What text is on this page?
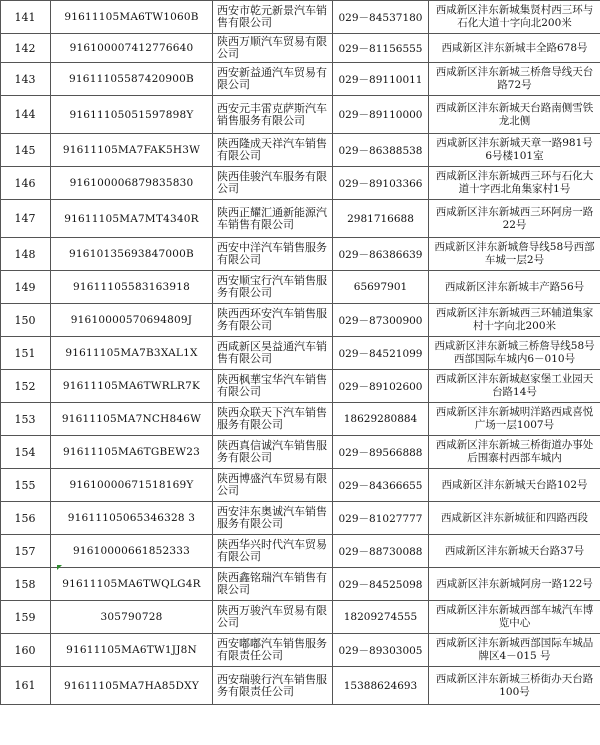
141	91611105MA6TW1060B	西安市乾元新景汽车销售有限公司	029－84537180	西咸新区沣东新城集贤村西三环与石化大道十字向北200米
142	916100007412776640	陕西万顺汽车贸易有限公司	029－81156555	西咸新区沣东新城丰全路678号
143	91611105587420900B	西安新益通汽车贸易有限公司	029－89110011	西咸新区沣东新城三桥詹导线天台路72号
144	91611105051597898Y	西安元丰雷克萨斯汽车销售服务有限公司	029－89110000	西咸新区沣东新城天台路南侧雪铁龙北侧
145	91611105MA7FAK5H3W	陕西隆成天祥汽车销售有限公司	029－86388538	西咸新区沣东新城天章一路981号6号楼101室
146	916100006879835830	陕西佳骏汽车服务有限公司	029－89103366	西咸新区沣东新城西三环与石化大道十字西北角集家村1号
147	91611105MA7MT4340R	陕西正耀汇通新能源汽车销售有限公司	2981716688	西咸新区沣东新城西三环阿房一路22号
148	91610135693847000B	西安中洋汽车销售服务有限公司	029－86386639	西咸新区沣东新城詹导线58号西部车城一层2号
149	91611105583163918	西安顺宝行汽车销售服务有限公司	65697901	西咸新区沣东新城丰产路56号
150	91610000570694809J	陕西西环安汽车销售服务有限公司	029－87300900	西咸新区沣东新城西三环辅道集家村十字向北200米
151	91611105MA7B3XAL1X	西咸新区昊益通汽车销售有限公司	029－84521099	西咸新区沣东新城三桥詹导线58号西部国际车城内6－010号
152	91611105MA6TWRLR7K	陕西枫華宝华汽车销售有限公司	029－89102600	西咸新区沣东新城赵家堡工业园天台路14号
153	91611105MA7NCH846W	陕西众联天下汽车销售服务有限公司	18629280884	西咸新区沣东新城明洋路西咸喜悦广场一层1007号
154	91611105MA6TGBEW23	陕西真信诚汽车销售服务有限公司	029－89566888	西咸新区沣东新城三桥街道办事处后围寨村西部车城内
155	91610000671518169Y	陕西博盛汽车贸易有限公司	029－84366655	西咸新区沣东新城天台路102号
156	91611105065346328 3	西安沣东奥诚汽车销售服务有限公司	029－81027777	西咸新区沣东新城征和四路西段
157	91610000661852333	陕西华兴时代汽车贸易有限公司	029－88730088	西咸新区沣东新城天台路37号
158	91611105MA6TWQLG4R	陕西鑫铭瑞汽车销售有限公司	029－84525098	西咸新区沣东新城阿房一路122号
159	305790728	陕西万骏汽车贸易有限公司	18209274555	西咸新区沣东新城西部车城汽车博览中心
160	91611105MA6TW1JJ8N	西安嘟嘟汽车销售服务有限责任公司	029－89303005	西咸新区沣东新城西部国际车城品牌区4－015 号
161	91611105MA7HA85DXY	西安瑞骏行汽车销售服务有限责任公司	15388624693	西咸新区沣东新城三桥街办天台路100号
